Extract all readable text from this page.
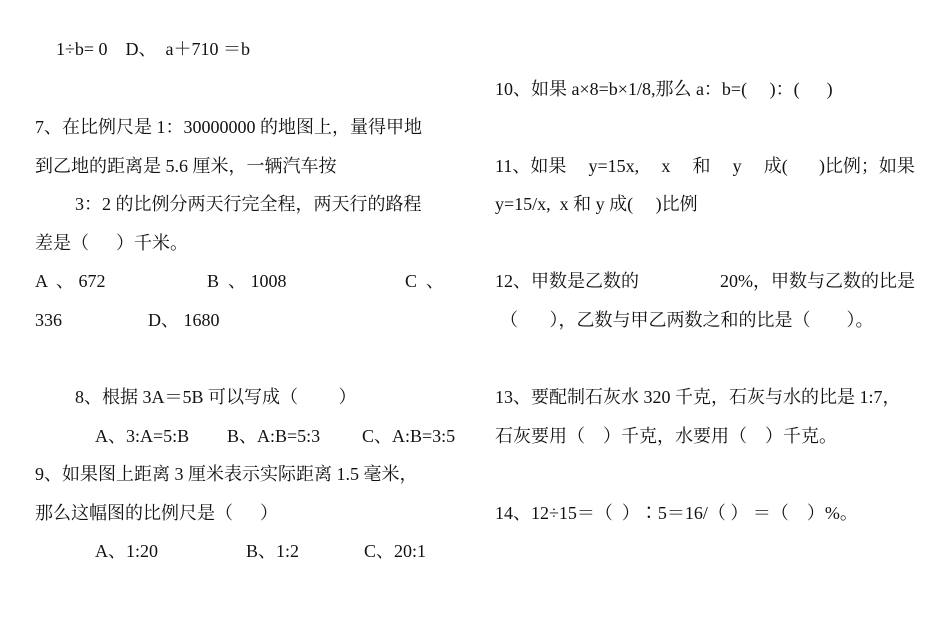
1÷b= 0    D、  a＋710 ＝b
7、在比例尺是 1：30000000 的地图上，量得甲地
到乙地的距离是 5.6 厘米，一辆汽车按
3：2 的比例分两天行完全程，两天行的路程
差是（      ）千米。
A  、 672	B  、 1008	C  、
336	D、 1680
8、根据 3A＝5B 可以写成（         ）
A、3:A=5:B B、A:B=5:3 C、A:B=3:5
9、如果图上距离 3 厘米表示实际距离 1.5 毫米，
那么这幅图的比例尺是（      ）
A、1:20	B、1:2	C、20:1
10、如果 a×8=b×1/8,那么 a：b=(     )：(      )
11、如果 y=15x, x 和 y 成( )比例；如果
y=15/x,  x 和 y 成(     )比例
12、甲数是乙数的	20%，甲数与乙数的比是
（       ），乙数与甲乙两数之和的比是（        ）。
13、要配制石灰水 320 千克，石灰与水的比是 1:7，
石灰要用（    ）千克，水要用（    ）千克。
14、12÷15＝（  ）∶5＝16/（ ） ＝（    ）%。
